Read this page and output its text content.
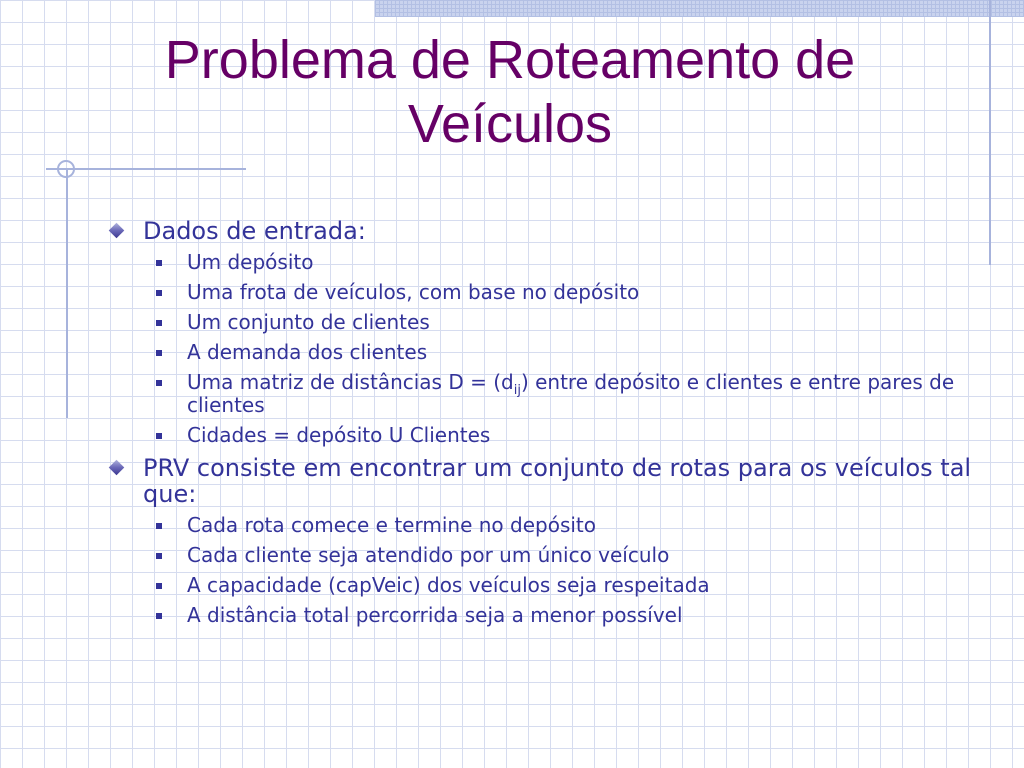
Problema de Roteamento de
Veículos
Dados de entrada:
Um depósito
Uma frota de veículos, com base no depósito
Um conjunto de clientes
A demanda dos clientes
Uma matriz de distâncias $D = (d_{ij})$ entre depósito e clientes e entre pares de clientes
Cidades = depósito U Clientes
PRV consiste em encontrar um conjunto de rotas para os veículos tal que:
Cada rota comece e termine no depósito
Cada cliente seja atendido por um único veículo
A capacidade (capVeic) dos veículos seja respeitada
A distância total percorrida seja a menor possível
